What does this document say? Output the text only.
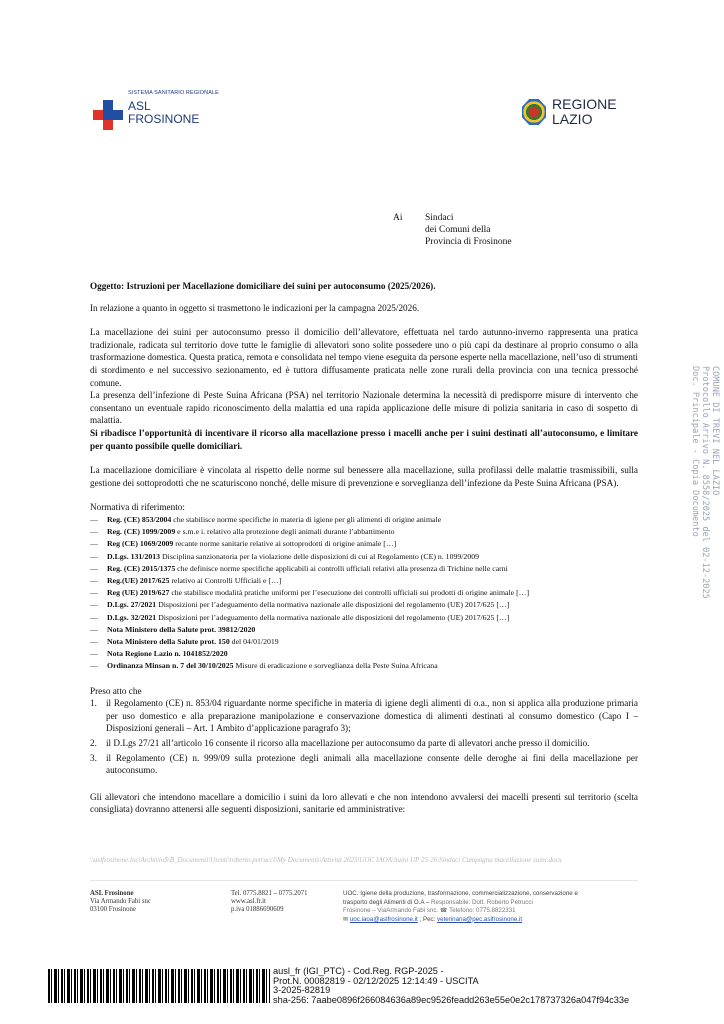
SISTEMA SANITARIO REGIONALE
ASL
FROSINONE
REGIONE
LAZIO
Ai Sindaci
dei Comuni della
Provincia di Frosinone

Oggetto: Istruzioni per Macellazione domiciliare dei suini per autoconsumo (2025/2026).

In relazione a quanto in oggetto si trasmettono le indicazioni per la campagna 2025/2026.

La macellazione dei suini per autoconsumo presso il domicilio dell’allevatore, effettuata nel tardo autunno-inverno rappresenta una pratica tradizionale, radicata sul territorio dove tutte le famiglie di allevatori sono solite possedere uno o più capi da destinare al proprio consumo o alla trasformazione domestica. Questa pratica, remota e consolidata nel tempo viene eseguita da persone esperte nella macellazione, nell’uso di strumenti di stordimento e nel successivo sezionamento, ed è tuttora diffusamente praticata nelle zone rurali della provincia con una tecnica pressoché comune.

La presenza dell’infezione di Peste Suina Africana (PSA) nel territorio Nazionale determina la necessità di predisporre misure di intervento che consentano un eventuale rapido riconoscimento della malattia ed una rapida applicazione delle misure di polizia sanitaria in caso di sospetto di malattia.

Si ribadisce l’opportunità di incentivare il ricorso alla macellazione presso i macelli anche per i suini destinati all’autoconsumo, e limitare per quanto possibile quelle domiciliari.

La macellazione domiciliare è vincolata al rispetto delle norme sul benessere alla macellazione, sulla profilassi delle malattie trasmissibili, sulla gestione dei sottoprodotti che ne scaturiscono nonché, delle misure di prevenzione e sorveglianza dell’infezione da Peste Suina Africana (PSA).

Normativa di riferimento:

— Reg. (CE) 853/2004 che stabilisce norme specifiche in materia di igiene per gli alimenti di origine animale
— Reg. (CE) 1099/2009 e s.m.e i. relativo alla protezione degli animali durante l’abbattimento
— Reg (CE) 1069/2009 recante norme sanitarie relative ai sottoprodotti di origine animale […]
— D.Lgs. 131/2013 Disciplina sanzionatoria per la violazione delle disposizioni di cui al Regolamento (CE) n. 1099/2009
— Reg. (CE) 2015/1375 che definisce norme specifiche applicabili ai controlli ufficiali relativi alla presenza di Trichine nelle carni
— Reg.(UE) 2017/625 relativo ai Controlli Ufficiali e […]
— Reg (UE) 2019/627 che stabilisce modalità pratiche uniformi per l’esecuzione dei controlli ufficiali sui prodotti di origine animale […]
— D.Lgs. 27/2021 Disposizioni per l’adeguamento della normativa nazionale alle disposizioni del regolamento (UE) 2017/625 […]
— D.Lgs. 32/2021 Disposizioni per l’adeguamento della normativa nazionale alle disposizioni del regolamento (UE) 2017/625 […]
— Nota Ministero della Salute prot. 39812/2020
— Nota Ministero della Salute prot. 150 del 04/01/2019
— Nota Regione Lazio n. 1041852/2020
— Ordinanza Minsan n. 7 del 30/10/2025 Misure di eradicazione e sorveglianza della Peste Suina Africana

Preso atto che

1. il Regolamento (CE) n. 853/04 riguardante norme specifiche in materia di igiene degli alimenti di o.a., non si applica alla produzione primaria per uso domestico e alla preparazione manipolazione e conservazione domestica di alimenti destinati al consumo domestico (Capo I – Disposizioni generali – Art. 1 Ambito d’applicazione paragrafo 3);
2. il D.Lgs 27/21 all’articolo 16 consente il ricorso alla macellazione per autoconsumo da parte di allevatori anche presso il domicilio.
3. il Regolamento (CE) n. 999/09 sulla protezione degli animali alla macellazione consente delle deroghe ai fini della macellazione per autoconsumo.

Gli allevatori che intendono macellare a domicilio i suini da loro allevati e che non intendono avvalersi dei macelli presenti sul territorio (scelta consigliata) dovranno attenersi alle seguenti disposizioni, sanitarie ed amministrative:

\\aslfrosinone.loc\Archivio$\B_Documenti\Utenti\roberto.petrucci\My Documents\Attività 2025\UOC IAOA\Suini UP 25-26\Sindaci Campagna macellazione suini.docx
ASL Frosinone
Via Armando Fabi snc
03100 Frosinone
Tel. 0775.8821 – 0775.2071
www.asl.fr.it
p.iva 01886690609
UOC. Igiene della produzione, trasformazione, commercializzazione, conservazione e
trasporto degli Alimenti di O.A – Responsabile: Dott. Roberto Petrucci
Frosinone – ViaArmando Fabi snc. ☎ Telefono: 0775.8822331
✉ uoc.iaoa@aslfrosinone.it ; Pec: veterinaria@pec.aslfrosinone.it
COMUNE DI TREVI NEL LAZIO
Protocollo Arrivo N. 8558/2025 del 02-12-2025
Doc. Principale - Copia Documento
ausl_fr (IGI_PTC) - Cod.Reg. RGP-2025 -
Prot.N. 00082819 - 02/12/2025 12:14:49 - USCITA
3-2025-82819
sha-256: 7aabe0896f266084636a89ec9526feadd263e55e0e2c178737326a047f94c33e
